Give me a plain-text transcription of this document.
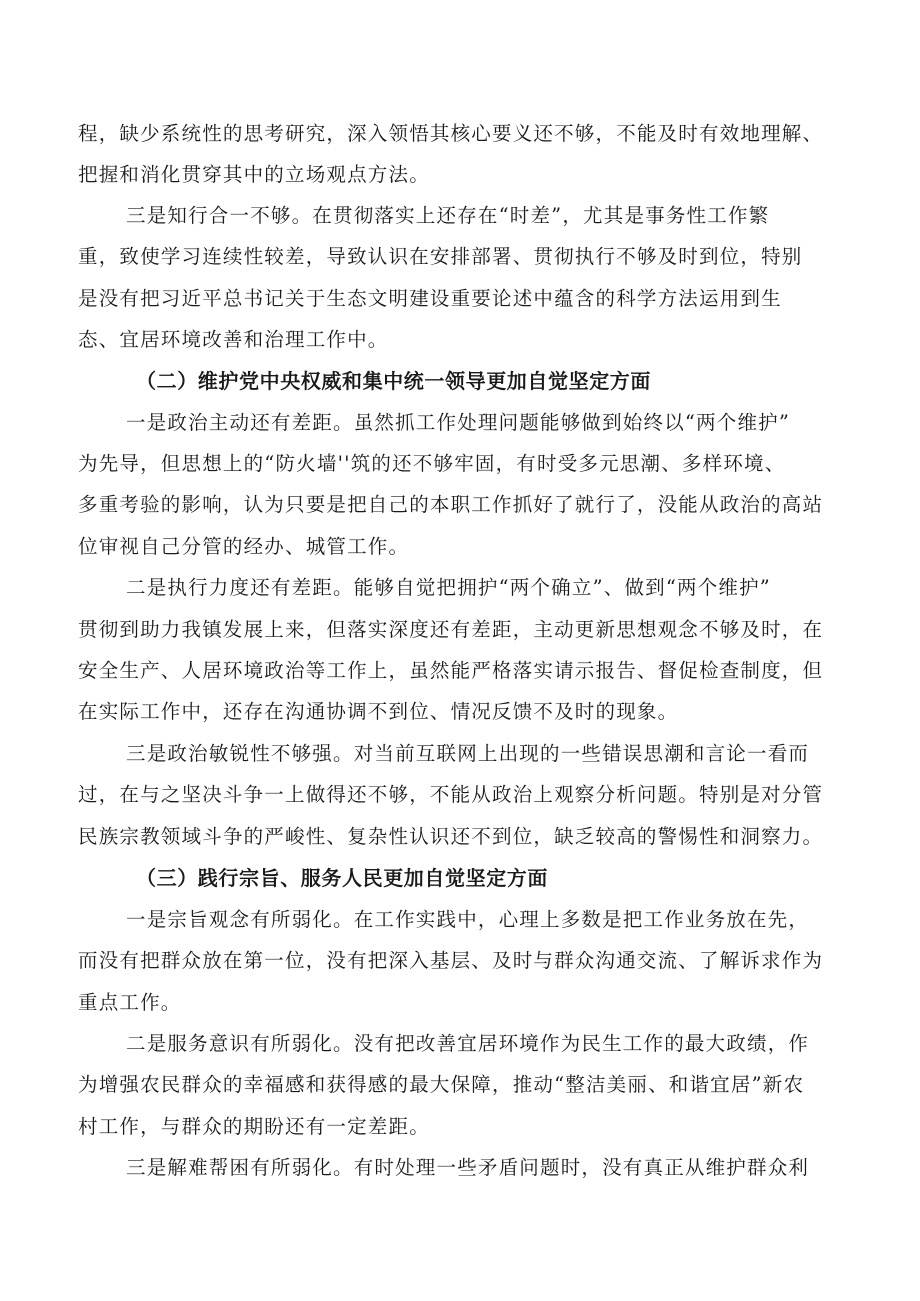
程，缺少系统性的思考研究，深入领悟其核心要义还不够，不能及时有效地理解、
把握和消化贯穿其中的立场观点方法。
三是知行合一不够。在贯彻落实上还存在“时差”，尤其是事务性工作繁
重，致使学习连续性较差，导致认识在安排部署、贯彻执行不够及时到位，特别
是没有把习近平总书记关于生态文明建设重要论述中蕴含的科学方法运用到生
态、宜居环境改善和治理工作中。
（二）维护党中央权威和集中统一领导更加自觉坚定方面
一是政治主动还有差距。虽然抓工作处理问题能够做到始终以“两个维护”
为先导，但思想上的“防火墙''筑的还不够牢固，有时受多元思潮、多样环境、
多重考验的影响，认为只要是把自己的本职工作抓好了就行了，没能从政治的高站
位审视自己分管的经办、城管工作。
二是执行力度还有差距。能够自觉把拥护“两个确立”、做到“两个维护”
贯彻到助力我镇发展上来，但落实深度还有差距，主动更新思想观念不够及时，在
安全生产、人居环境政治等工作上，虽然能严格落实请示报告、督促检查制度，但
在实际工作中，还存在沟通协调不到位、情况反馈不及时的现象。
三是政治敏锐性不够强。对当前互联网上出现的一些错误思潮和言论一看而
过，在与之坚决斗争一上做得还不够，不能从政治上观察分析问题。特别是对分管
民族宗教领域斗争的严峻性、复杂性认识还不到位，缺乏较高的警惕性和洞察力。
（三）践行宗旨、服务人民更加自觉坚定方面
一是宗旨观念有所弱化。在工作实践中，心理上多数是把工作业务放在先，
而没有把群众放在第一位，没有把深入基层、及时与群众沟通交流、了解诉求作为
重点工作。
二是服务意识有所弱化。没有把改善宜居环境作为民生工作的最大政绩，作
为增强农民群众的幸福感和获得感的最大保障，推动“整洁美丽、和谐宜居”新农
村工作，与群众的期盼还有一定差距。
三是解难帮困有所弱化。有时处理一些矛盾问题时，没有真正从维护群众利
